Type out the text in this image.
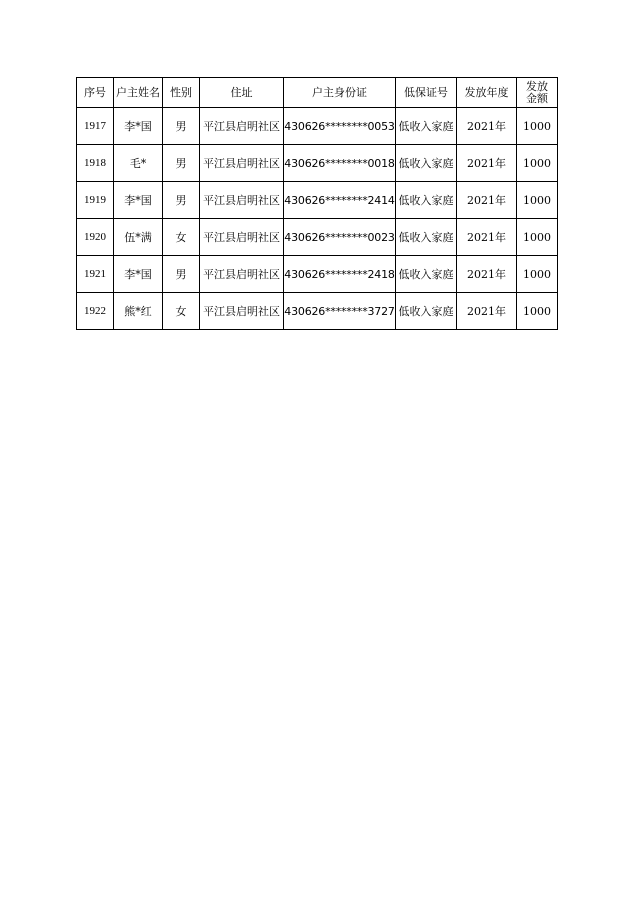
序号	户主姓名	性别	住址	户主身份证	低保证号	发放年度	发放金额
1917	李*国	男	平江县启明社区	430626********0053	低收入家庭	2021年	1000
1918	毛*	男	平江县启明社区	430626********0018	低收入家庭	2021年	1000
1919	李*国	男	平江县启明社区	430626********2414	低收入家庭	2021年	1000
1920	伍*满	女	平江县启明社区	430626********0023	低收入家庭	2021年	1000
1921	李*国	男	平江县启明社区	430626********2418	低收入家庭	2021年	1000
1922	熊*红	女	平江县启明社区	430626********3727	低收入家庭	2021年	1000
